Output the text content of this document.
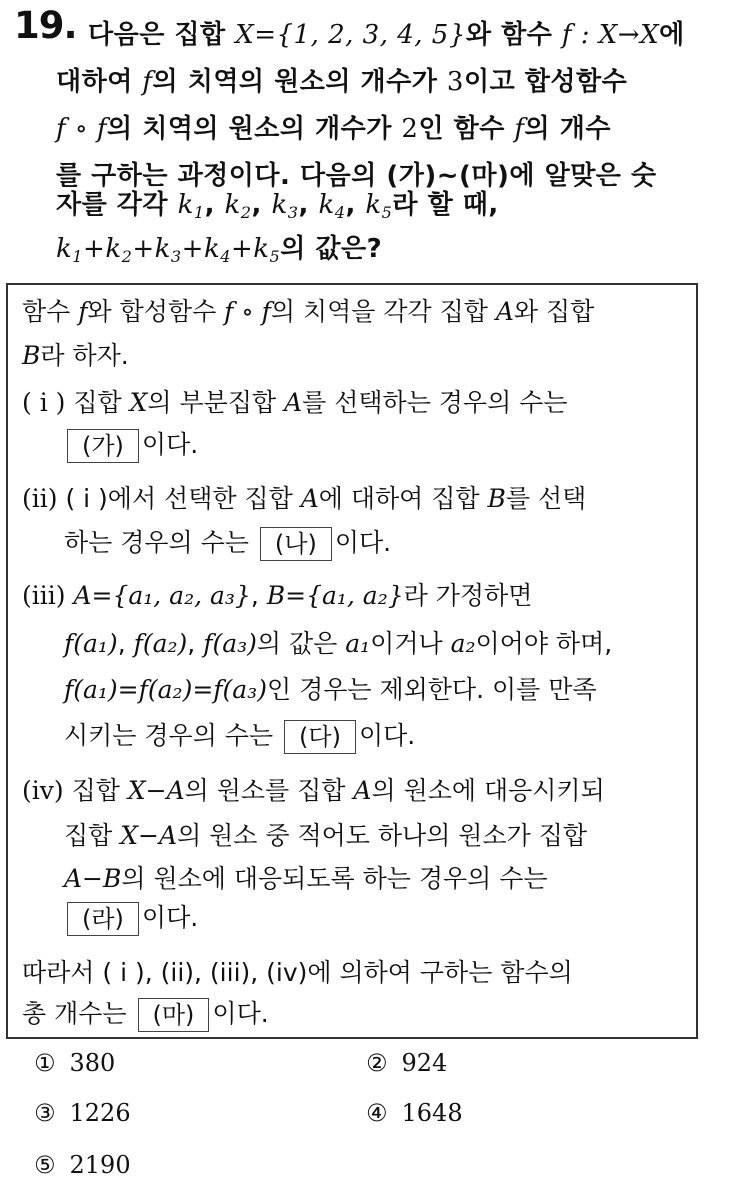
19. 다음은 집합 X={1, 2, 3, 4, 5}와 함수 f : X→X에
대하여 f의 치역의 원소의 개수가 3이고 합성함수
f ∘ f의 치역의 원소의 개수가 2인 함수 f의 개수
를 구하는 과정이다. 다음의 (가)~(마)에 알맞은 숫
자를 각각 $k_1$, $k_2$, $k_3$, $k_4$, $k_5$라 할 때,
$k_1+k_2+k_3+k_4+k_5$의 값은?
함수 f와 합성함수 f ∘ f의 치역을 각각 집합 A와 집합
B라 하자.
( i ) 집합 X의 부분집합 A를 선택하는 경우의 수는
(가) 이다.
(ii) ( i )에서 선택한 집합 A에 대하여 집합 B를 선택
하는 경우의 수는 (나) 이다.
(iii) A={a₁, a₂, a₃}, B={a₁, a₂}라 가정하면
f(a₁), f(a₂), f(a₃)의 값은 a₁이거나 a₂이어야 하며,
f(a₁)=f(a₂)=f(a₃)인 경우는 제외한다. 이를 만족
시키는 경우의 수는 (다) 이다.
(iv) 집합 X−A의 원소를 집합 A의 원소에 대응시키되
집합 X−A의 원소 중 적어도 하나의 원소가 집합
A−B의 원소에 대응되도록 하는 경우의 수는
(라) 이다.
따라서 ( i ), (ii), (iii), (iv)에 의하여 구하는 함수의
총 개수는 (마) 이다.
① 380	② 924
③ 1226	④ 1648
⑤ 2190
